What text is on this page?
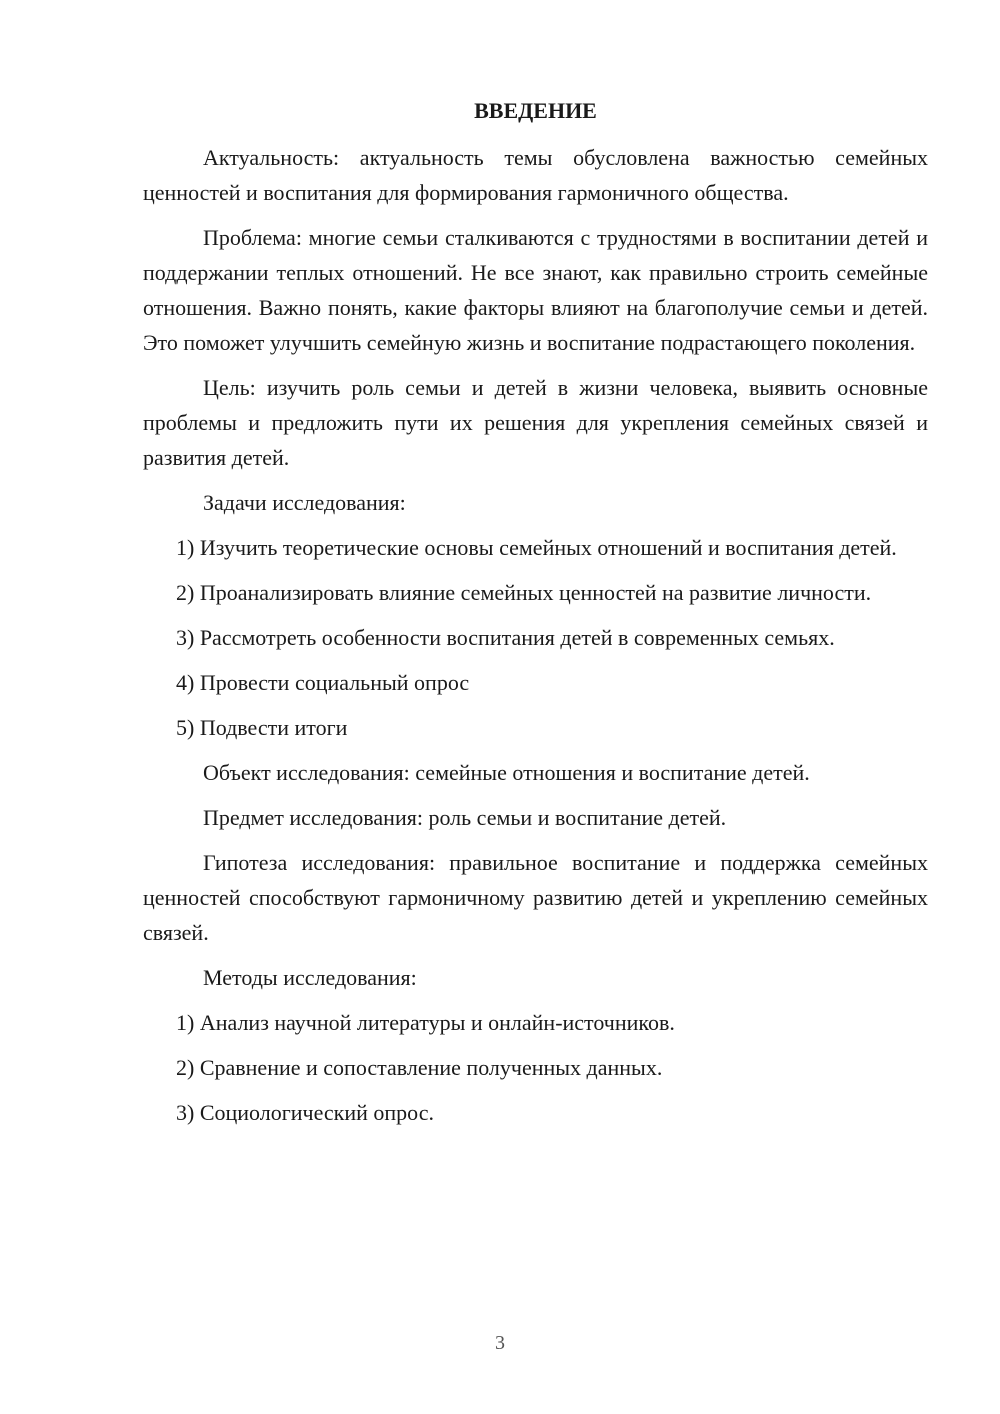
ВВЕДЕНИЕ

Актуальность: актуальность темы обусловлена важностью семейных ценностей и воспитания для формирования гармоничного общества.

Проблема: многие семьи сталкиваются с трудностями в воспитании детей и поддержании теплых отношений. Не все знают, как правильно строить семейные отношения. Важно понять, какие факторы влияют на благополучие семьи и детей. Это поможет улучшить семейную жизнь и воспитание подрастающего поколения.

Цель: изучить роль семьи и детей в жизни человека, выявить основные проблемы и предложить пути их решения для укрепления семейных связей и развития детей.

Задачи исследования:

1) Изучить теоретические основы семейных отношений и воспитания детей.

2) Проанализировать влияние семейных ценностей на развитие личности.

3) Рассмотреть особенности воспитания детей в современных семьях.

4) Провести социальный опрос

5) Подвести итоги

Объект исследования: семейные отношения и воспитание детей.

Предмет исследования: роль семьи и воспитание детей.

Гипотеза исследования: правильное воспитание и поддержка семейных ценностей способствуют гармоничному развитию детей и укреплению семейных связей.

Методы исследования:

1) Анализ научной литературы и онлайн-источников.

2) Сравнение и сопоставление полученных данных.

3) Социологический опрос.

3
